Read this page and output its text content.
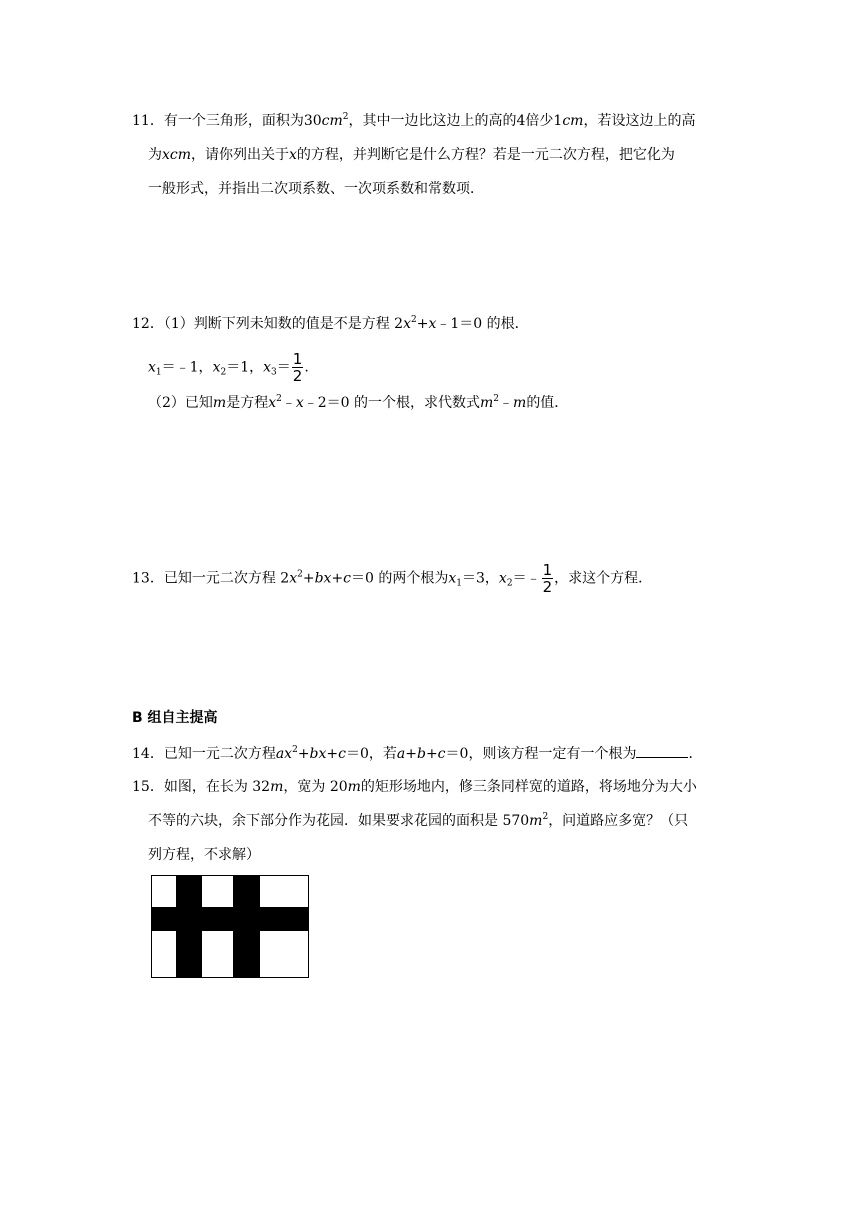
11．有一个三角形，面积为$30cm^2$，其中一边比这边上的高的4倍少1cm，若设这边上的高
为xcm，请你列出关于x的方程，并判断它是什么方程？若是一元二次方程，把它化为
一般形式，并指出二次项系数、一次项系数和常数项．
12．（1）判断下列未知数的值是不是方程 $2x^2+x﹣1=0$ 的根．
$x_1=﹣1$，$x_2=1$，$x_3= \frac{1}{2}$ .
（2）已知m是方程$x^2﹣x﹣2=0$ 的一个根，求代数式$m^2﹣m$的值．
13．已知一元二次方程 $2x^2+bx+c=0$ 的两个根为$x_1=3$，$x_2=﹣ \frac{1}{2}$ ，求这个方程．
B 组自主提高
14．已知一元二次方程$ax^2+bx+c=0$，若a+b+c＝0，则该方程一定有一个根为	．
15．如图，在长为 32m，宽为 20m的矩形场地内，修三条同样宽的道路，将场地分为大小
不等的六块，余下部分作为花园．如果要求花园的面积是 $570m^2$，问道路应多宽？（只
列方程，不求解）
